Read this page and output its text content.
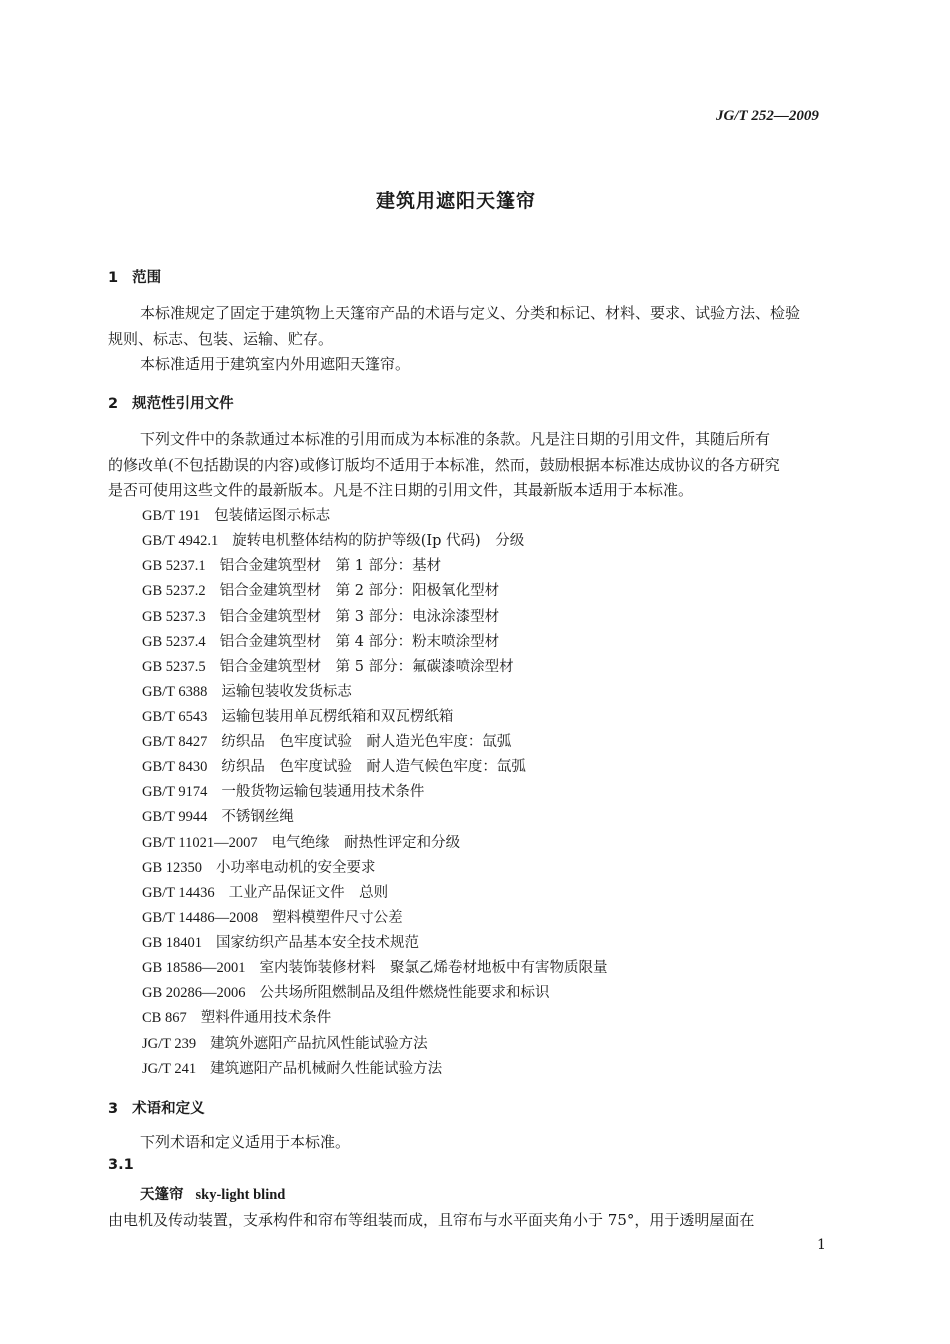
JG/T 252—2009
建筑用遮阳天篷帘
1 范围
本标准规定了固定于建筑物上天篷帘产品的术语与定义、分类和标记、材料、要求、试验方法、检验
规则、标志、包装、运输、贮存。
本标准适用于建筑室内外用遮阳天篷帘。
2 规范性引用文件
下列文件中的条款通过本标准的引用而成为本标准的条款。凡是注日期的引用文件，其随后所有
的修改单(不包括勘误的内容)或修订版均不适用于本标准，然而，鼓励根据本标准达成协议的各方研究
是否可使用这些文件的最新版本。凡是不注日期的引用文件，其最新版本适用于本标准。
GB/T 191 包装储运图示标志
GB/T 4942.1 旋转电机整体结构的防护等级(Ip 代码)　分级
GB 5237.1 铝合金建筑型材　第 1 部分：基材
GB 5237.2 铝合金建筑型材　第 2 部分：阳极氧化型材
GB 5237.3 铝合金建筑型材　第 3 部分：电泳涂漆型材
GB 5237.4 铝合金建筑型材　第 4 部分：粉末喷涂型材
GB 5237.5 铝合金建筑型材　第 5 部分：氟碳漆喷涂型材
GB/T 6388 运输包装收发货标志
GB/T 6543 运输包装用单瓦楞纸箱和双瓦楞纸箱
GB/T 8427 纺织品　色牢度试验　耐人造光色牢度：氙弧
GB/T 8430 纺织品　色牢度试验　耐人造气候色牢度：氙弧
GB/T 9174 一般货物运输包装通用技术条件
GB/T 9944 不锈钢丝绳
GB/T 11021—2007 电气绝缘　耐热性评定和分级
GB 12350 小功率电动机的安全要求
GB/T 14436 工业产品保证文件　总则
GB/T 14486—2008 塑料模塑件尺寸公差
GB 18401 国家纺织产品基本安全技术规范
GB 18586—2001 室内装饰装修材料　聚氯乙烯卷材地板中有害物质限量
GB 20286—2006 公共场所阻燃制品及组件燃烧性能要求和标识
CB 867 塑料件通用技术条件
JG/T 239 建筑外遮阳产品抗风性能试验方法
JG/T 241 建筑遮阳产品机械耐久性能试验方法
3 术语和定义
下列术语和定义适用于本标准。
3.1
天篷帘 sky-light blind
由电机及传动装置，支承构件和帘布等组装而成，且帘布与水平面夹角小于 75°，用于透明屋面在
1
